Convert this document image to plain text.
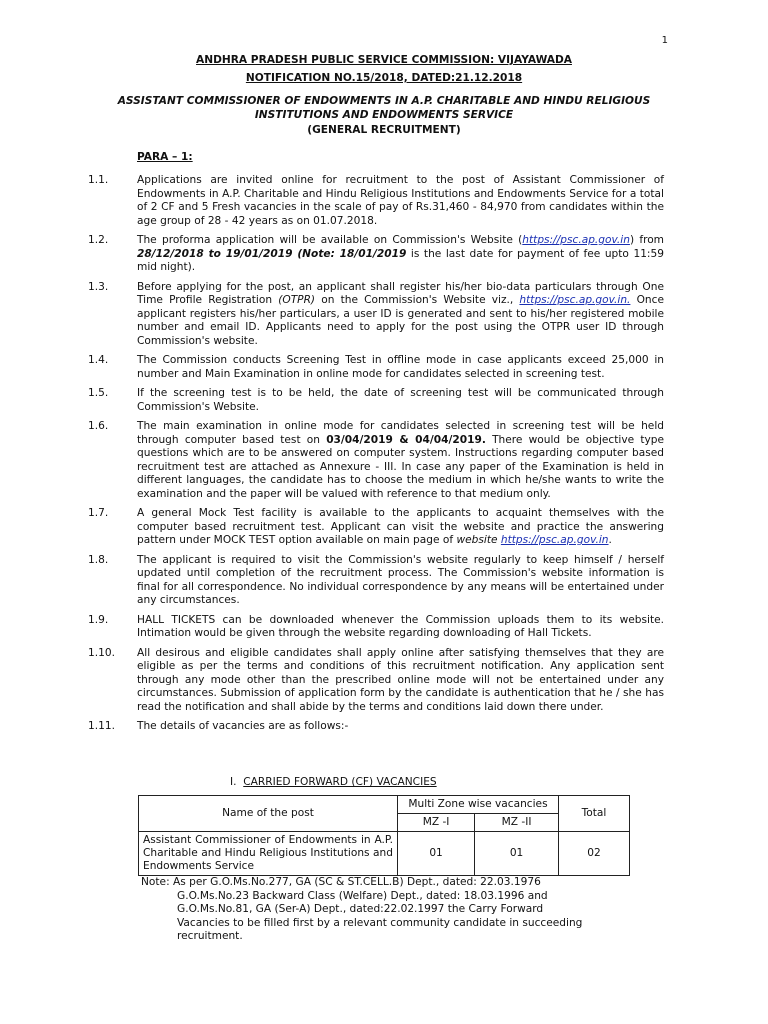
1
ANDHRA PRADESH PUBLIC SERVICE COMMISSION: VIJAYAWADA
NOTIFICATION NO.15/2018, DATED:21.12.2018
ASSISTANT COMMISSIONER OF ENDOWMENTS IN A.P. CHARITABLE AND HINDU RELIGIOUS INSTITUTIONS AND ENDOWMENTS SERVICE
(GENERAL RECRUITMENT)
PARA – 1:
1.1.	Applications are invited online for recruitment to the post of Assistant Commissioner of Endowments in A.P. Charitable and Hindu Religious Institutions and Endowments Service for a total of 2 CF and 5 Fresh vacancies in the scale of pay of Rs.31,460 - 84,970 from candidates within the age group of 28 - 42 years as on 01.07.2018.
1.2.	The proforma application will be available on Commission's Website (https://psc.ap.gov.in) from 28/12/2018 to 19/01/2019 (Note: 18/01/2019 is the last date for payment of fee upto 11:59 mid night).
1.3.	Before applying for the post, an applicant shall register his/her bio-data particulars through One Time Profile Registration (OTPR) on the Commission's Website viz., https://psc.ap.gov.in. Once applicant registers his/her particulars, a user ID is generated and sent to his/her registered mobile number and email ID. Applicants need to apply for the post using the OTPR user ID through Commission's website.
1.4.	The Commission conducts Screening Test in offline mode in case applicants exceed 25,000 in number and Main Examination in online mode for candidates selected in screening test.
1.5.	If the screening test is to be held, the date of screening test will be communicated through Commission's Website.
1.6.	The main examination in online mode for candidates selected in screening test will be held through computer based test on 03/04/2019 & 04/04/2019. There would be objective type questions which are to be answered on computer system. Instructions regarding computer based recruitment test are attached as Annexure - III. In case any paper of the Examination is held in different languages, the candidate has to choose the medium in which he/she wants to write the examination and the paper will be valued with reference to that medium only.
1.7.	A general Mock Test facility is available to the applicants to acquaint themselves with the computer based recruitment test. Applicant can visit the website and practice the answering pattern under MOCK TEST option available on main page of website https://psc.ap.gov.in.
1.8.	The applicant is required to visit the Commission's website regularly to keep himself / herself updated until completion of the recruitment process. The Commission's website information is final for all correspondence. No individual correspondence by any means will be entertained under any circumstances.
1.9.	HALL TICKETS can be downloaded whenever the Commission uploads them to its website. Intimation would be given through the website regarding downloading of Hall Tickets.
1.10.	All desirous and eligible candidates shall apply online after satisfying themselves that they are eligible as per the terms and conditions of this recruitment notification. Any application sent through any mode other than the prescribed online mode will not be entertained under any circumstances. Submission of application form by the candidate is authentication that he / she has read the notification and shall abide by the terms and conditions laid down there under.
1.11.	The details of vacancies are as follows:-
I. CARRIED FORWARD (CF) VACANCIES
Name of the post	Multi Zone wise vacancies		Total
	MZ -I	MZ -II	
Assistant Commissioner of Endowments in A.P. Charitable and Hindu Religious Institutions and Endowments Service	01	01	02
Note: As per G.O.Ms.No.277, GA (SC & ST.CELL.B) Dept., dated: 22.03.1976
G.O.Ms.No.23 Backward Class (Welfare) Dept., dated: 18.03.1996 and
G.O.Ms.No.81, GA (Ser-A) Dept., dated:22.02.1997 the Carry Forward
Vacancies to be filled first by a relevant community candidate in succeeding
recruitment.
